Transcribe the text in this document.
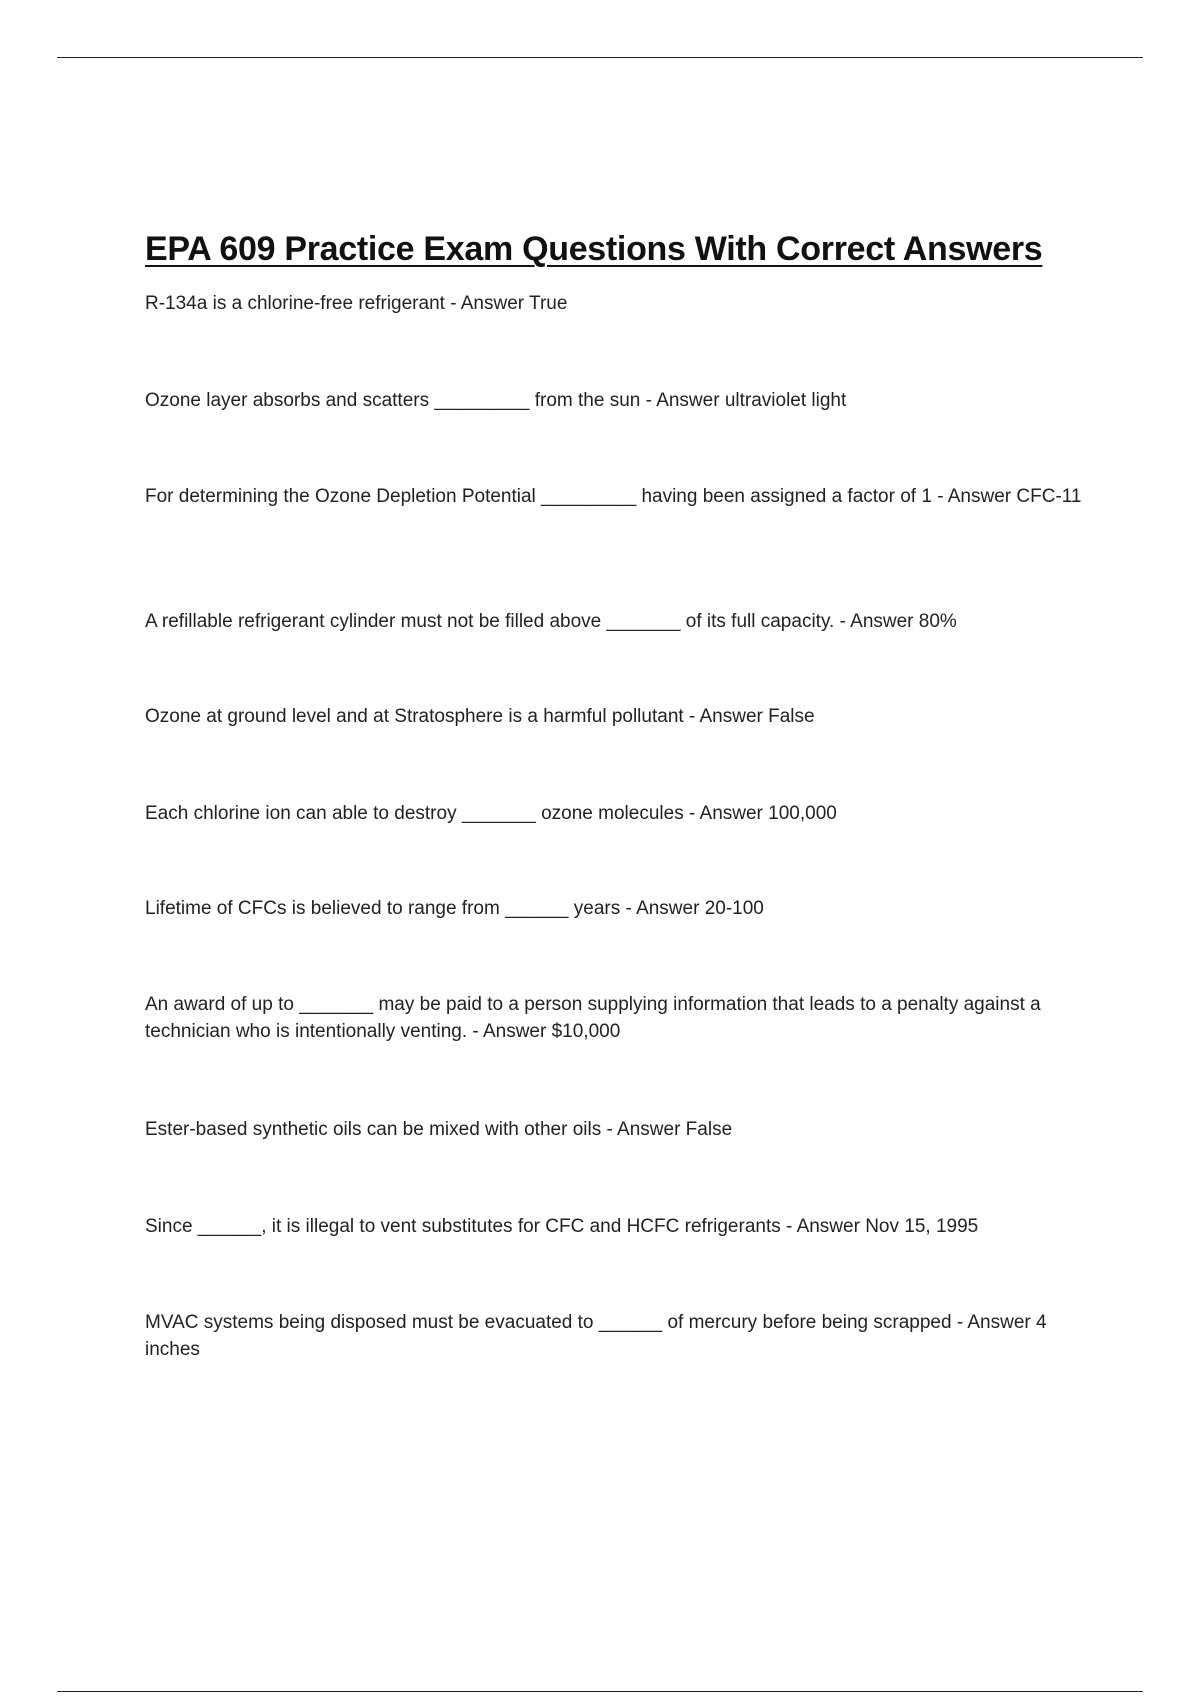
EPA 609 Practice Exam Questions With Correct Answers

R-134a is a chlorine-free refrigerant - Answer True

Ozone layer absorbs and scatters _________ from the sun - Answer ultraviolet light

For determining the Ozone Depletion Potential _________ having been assigned a factor of 1 - Answer CFC-11

A refillable refrigerant cylinder must not be filled above _______ of its full capacity. - Answer 80%

Ozone at ground level and at Stratosphere is a harmful pollutant - Answer False

Each chlorine ion can able to destroy _______ ozone molecules - Answer 100,000

Lifetime of CFCs is believed to range from ______ years - Answer 20-100

An award of up to _______ may be paid to a person supplying information that leads to a penalty against a technician who is intentionally venting. - Answer $10,000

Ester-based synthetic oils can be mixed with other oils - Answer False

Since ______, it is illegal to vent substitutes for CFC and HCFC refrigerants - Answer Nov 15, 1995

MVAC systems being disposed must be evacuated to ______ of mercury before being scrapped - Answer 4 inches
